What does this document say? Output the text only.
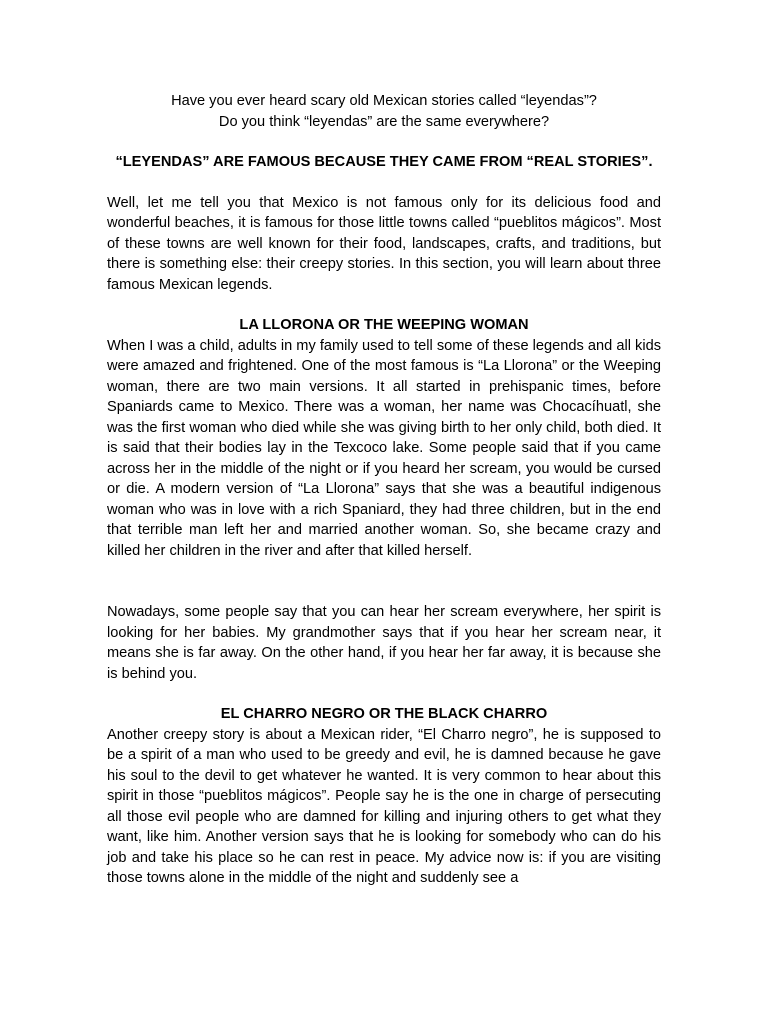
Have you ever heard scary old Mexican stories called “leyendas”?

Do you think “leyendas” are the same everywhere?

“LEYENDAS” ARE FAMOUS BECAUSE THEY CAME FROM “REAL STORIES”.

Well, let me tell you that Mexico is not famous only for its delicious food and wonderful beaches, it is famous for those little towns called “pueblitos mágicos”. Most of these towns are well known for their food, landscapes, crafts, and traditions, but there is something else: their creepy stories. In this section, you will learn about three famous Mexican legends.

LA LLORONA OR THE WEEPING WOMAN

When I was a child, adults in my family used to tell some of these legends and all kids were amazed and frightened. One of the most famous is “La Llorona” or the Weeping woman, there are two main versions. It all started in prehispanic times, before Spaniards came to Mexico. There was a woman, her name was Chocacíhuatl, she was the first woman who died while she was giving birth to her only child, both died. It is said that their bodies lay in the Texcoco lake. Some people said that if you came across her in the middle of the night or if you heard her scream, you would be cursed or die. A modern version of “La Llorona” says that she was a beautiful indigenous woman who was in love with a rich Spaniard, they had three children, but in the end that terrible man left her and married another woman. So, she became crazy and killed her children in the river and after that killed herself.

Nowadays, some people say that you can hear her scream everywhere, her spirit is looking for her babies. My grandmother says that if you hear her scream near, it means she is far away. On the other hand, if you hear her far away, it is because she is behind you.

EL CHARRO NEGRO OR THE BLACK CHARRO

Another creepy story is about a Mexican rider, “El Charro negro”, he is supposed to be a spirit of a man who used to be greedy and evil, he is damned because he gave his soul to the devil to get whatever he wanted. It is very common to hear about this spirit in those “pueblitos mágicos”. People say he is the one in charge of persecuting all those evil people who are damned for killing and injuring others to get what they want, like him. Another version says that he is looking for somebody who can do his job and take his place so he can rest in peace. My advice now is: if you are visiting those towns alone in the middle of the night and suddenly see a
